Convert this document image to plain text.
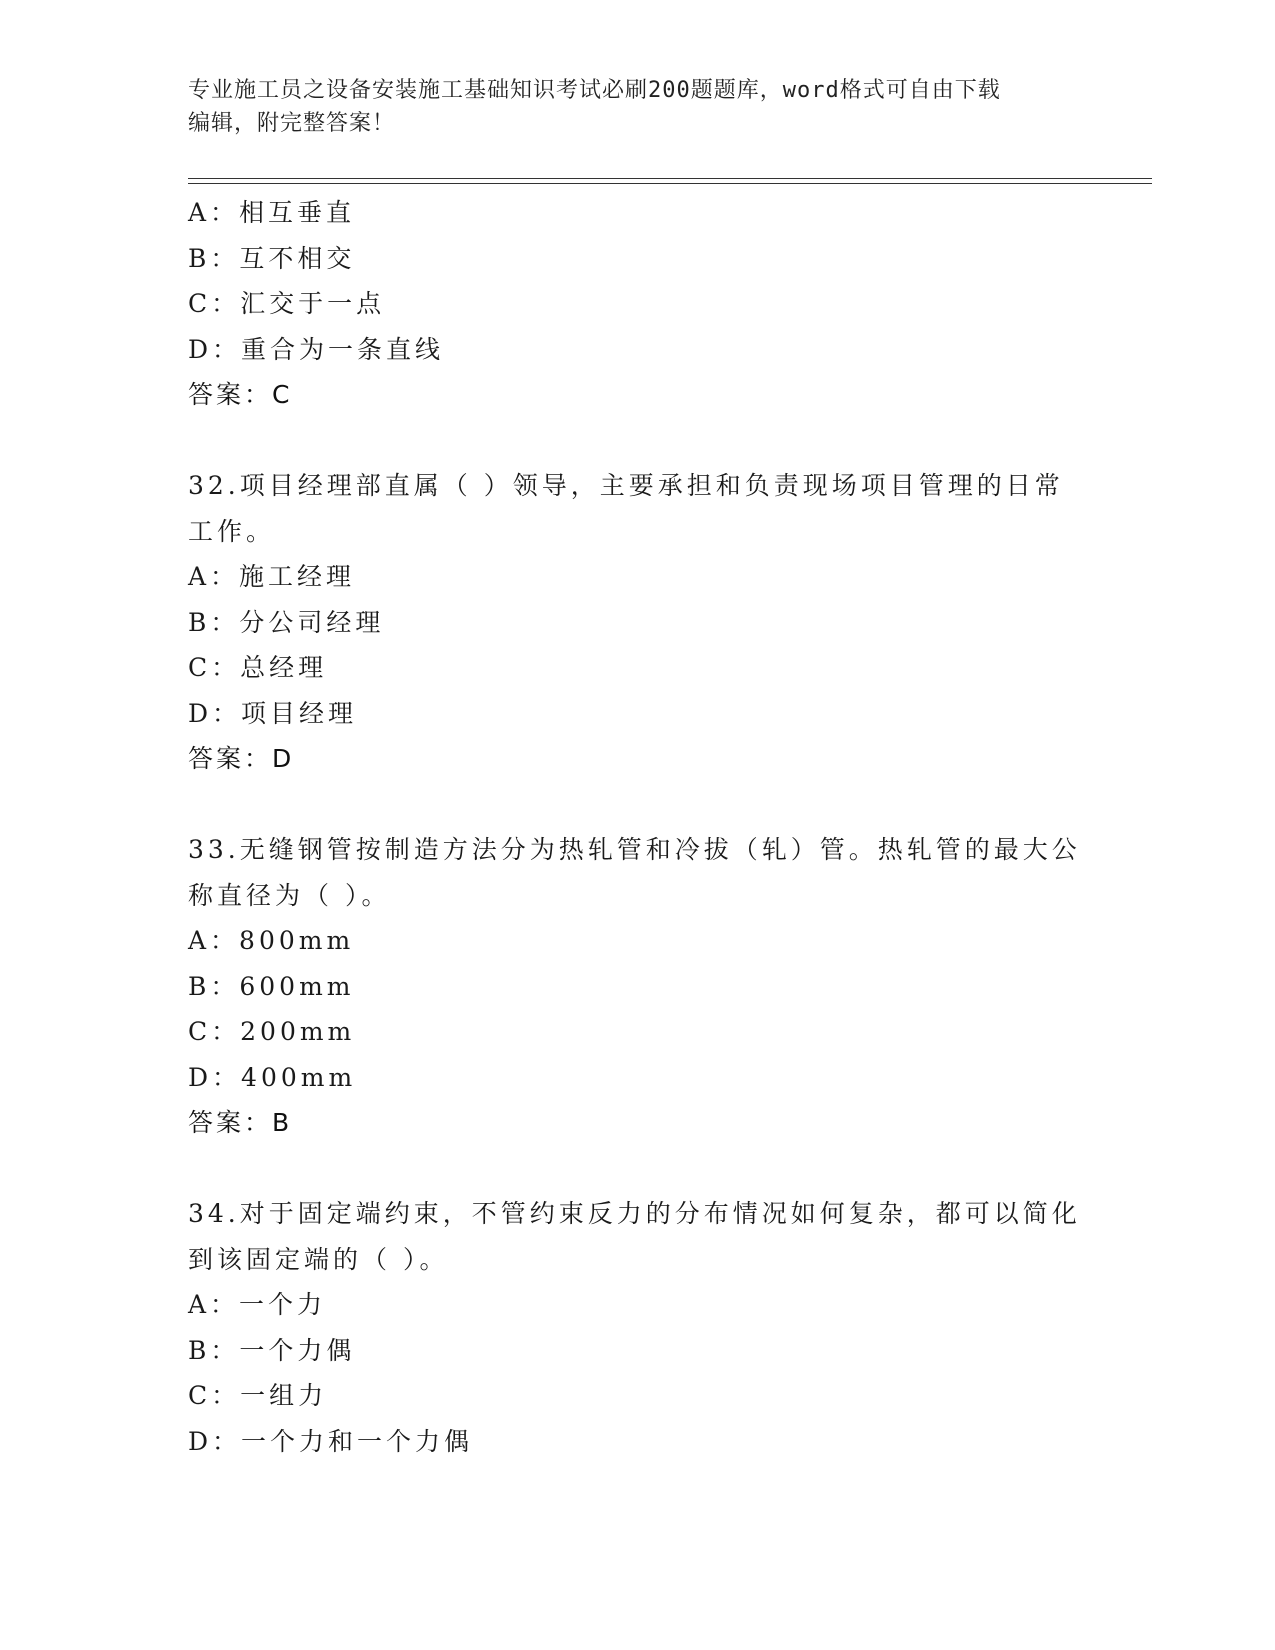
专业施工员之设备安装施工基础知识考试必刷200题题库，word格式可自由下载
编辑，附完整答案！
A：相互垂直
B：互不相交
C：汇交于一点
D：重合为一条直线
答案：C
32.项目经理部直属（ ）领导，主要承担和负责现场项目管理的日常
工作。
A：施工经理
B：分公司经理
C：总经理
D：项目经理
答案：D
33.无缝钢管按制造方法分为热轧管和冷拔（轧）管。热轧管的最大公
称直径为（ ）。
A：800mm
B：600mm
C：200mm
D：400mm
答案：B
34.对于固定端约束，不管约束反力的分布情况如何复杂，都可以简化
到该固定端的（ ）。
A：一个力
B：一个力偶
C：一组力
D：一个力和一个力偶
